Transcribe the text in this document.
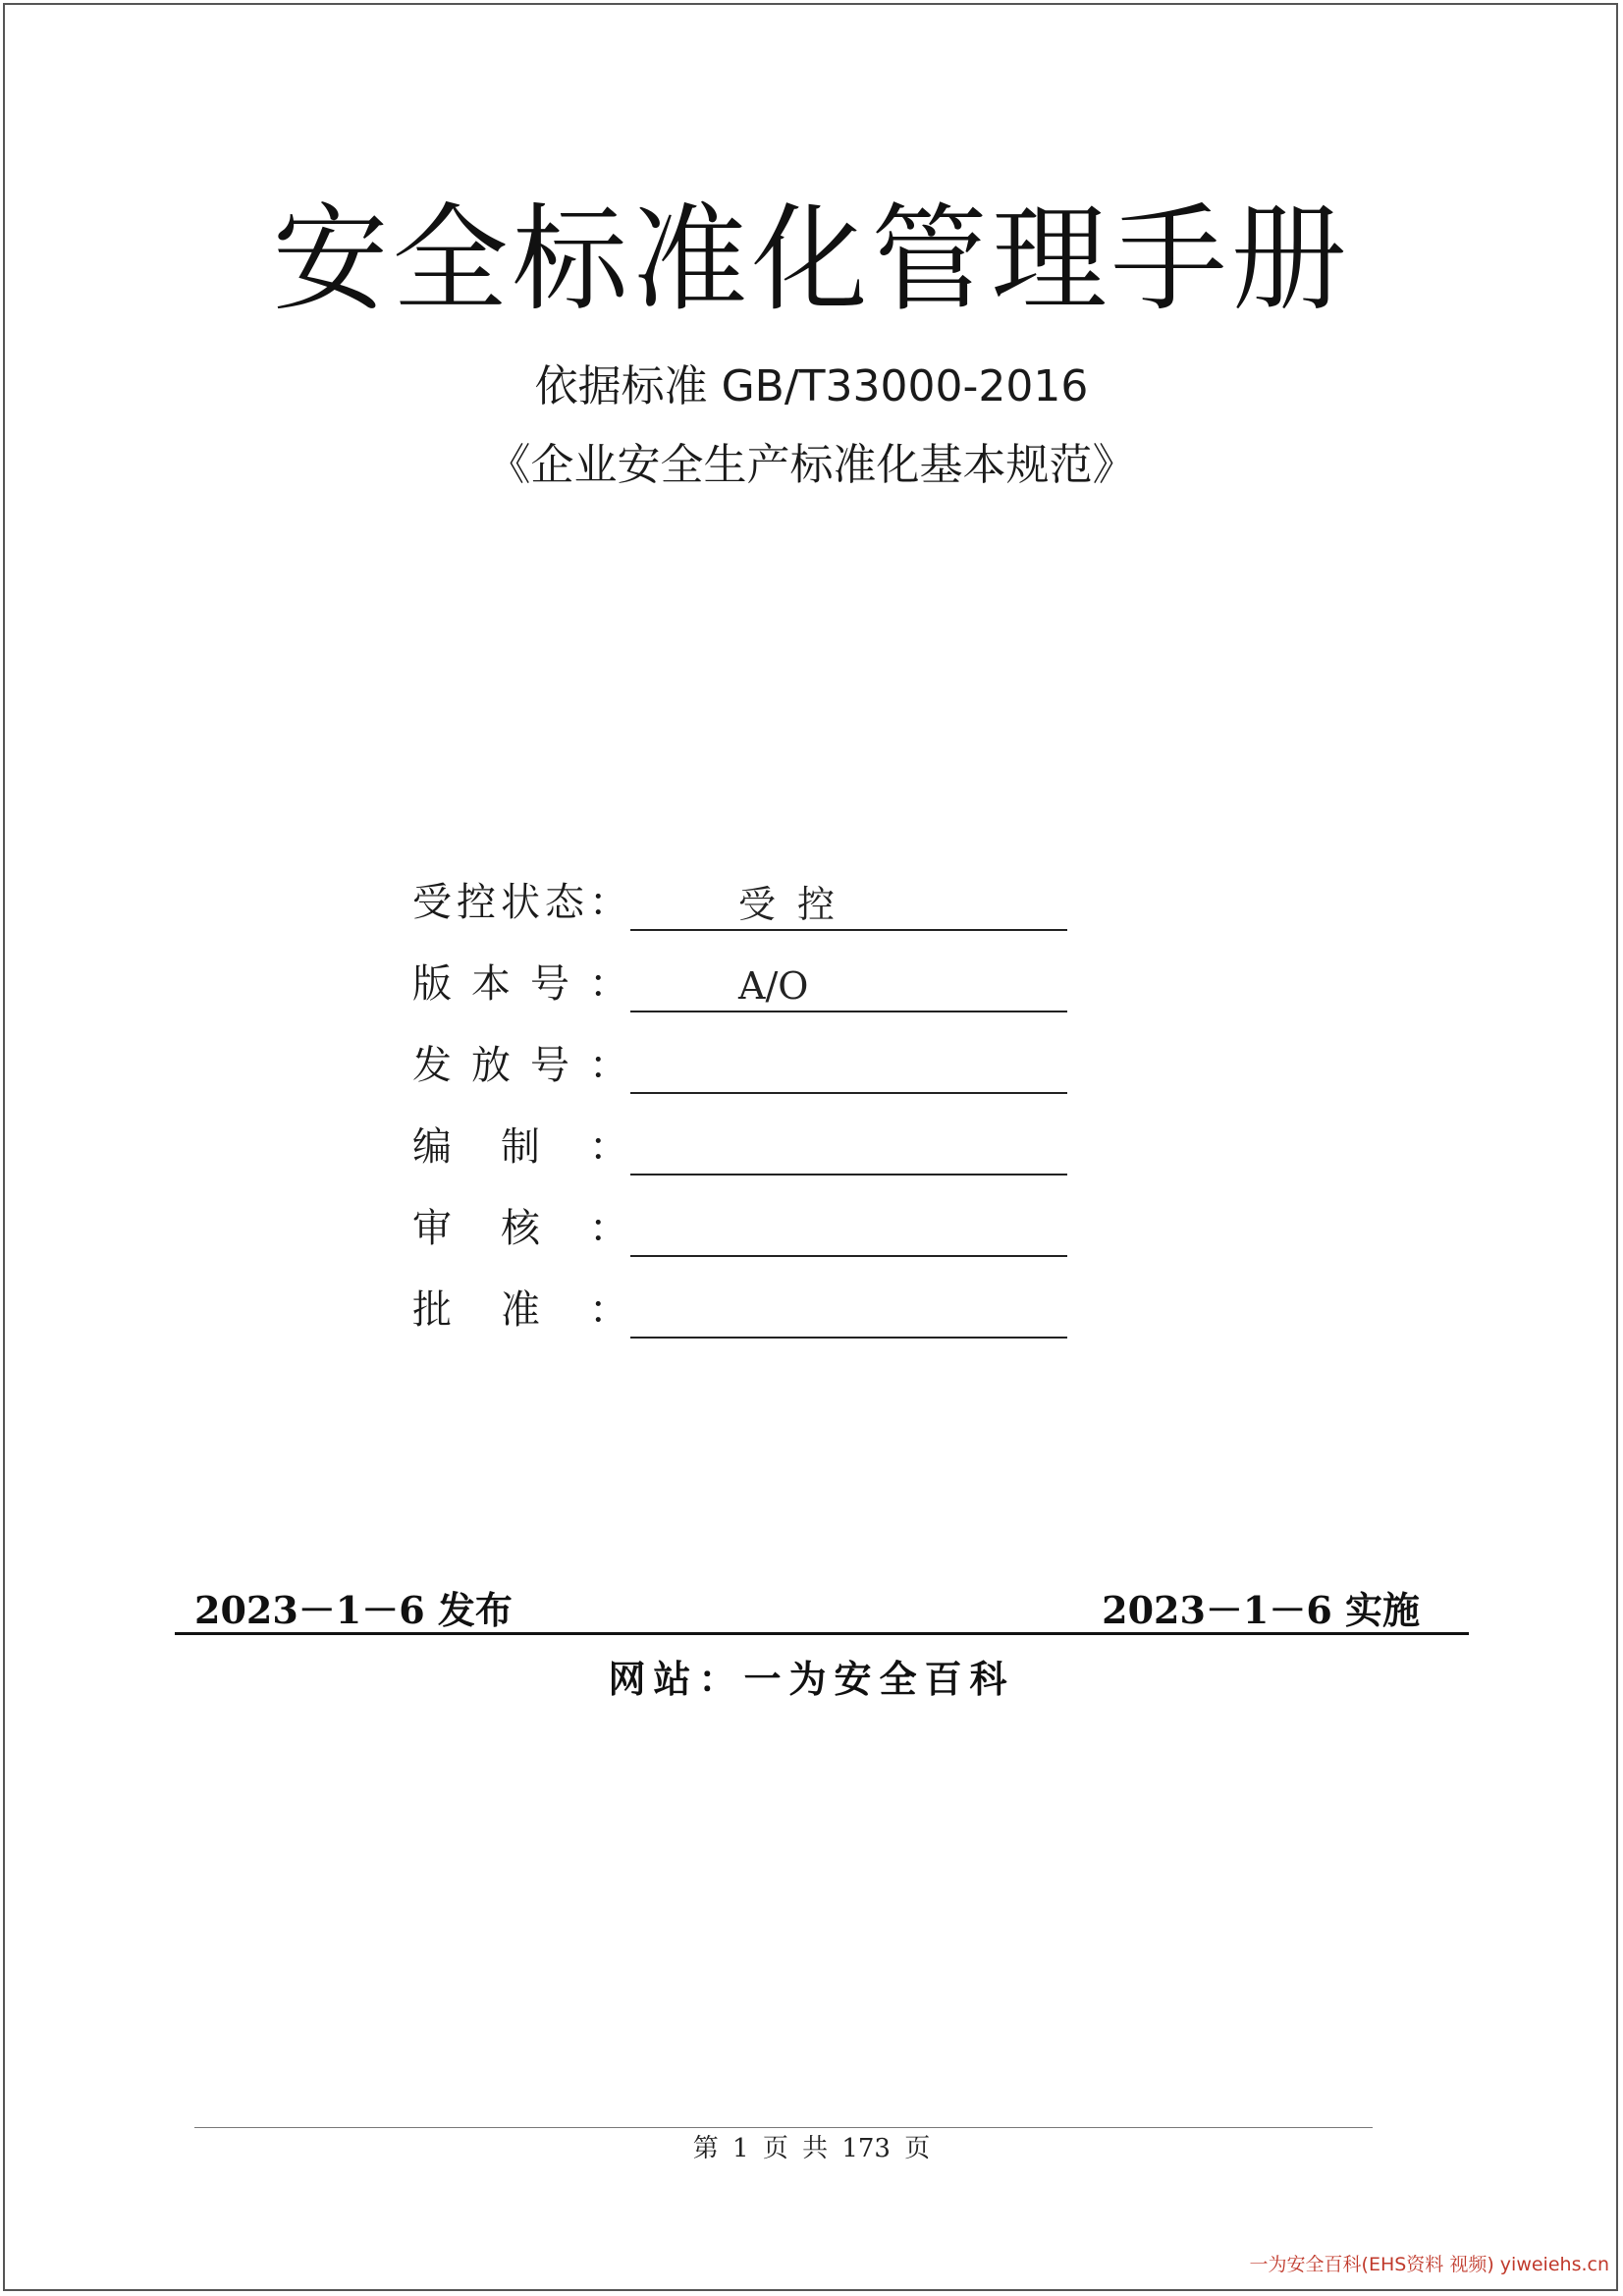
安全标准化管理手册
依据标准 GB/T33000-2016
《企业安全生产标准化基本规范》
受 控 状 态 ：	受控
版 本 号 ：	A/O
发 放 号 ：
编 制 ：
审 核 ：
批 准 ：
2023－1－6 发布	2023－1－6 实施
网站：一为安全百科
第 1 页 共 173 页
一为安全百科(EHS资料 视频) yiweiehs.cn
